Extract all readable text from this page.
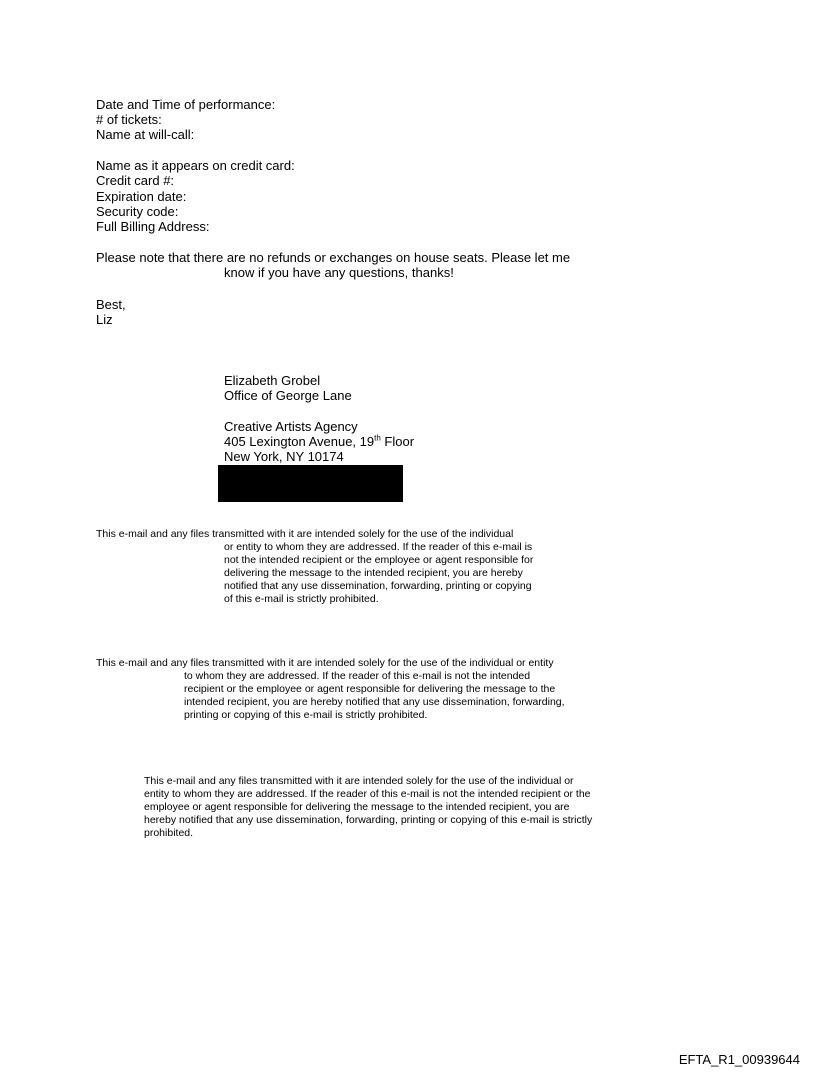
Date and Time of performance:
# of tickets:
Name at will-call:
Name as it appears on credit card:
Credit card #:
Expiration date:
Security code:
Full Billing Address:
Please note that there are no refunds or exchanges on house seats. Please let me
know if you have any questions, thanks!
Best,
Liz
Elizabeth Grobel
Office of George Lane
Creative Artists Agency
405 Lexington Avenue, 19th Floor
New York, NY 10174
This e-mail and any files transmitted with it are intended solely for the use of the individual
or entity to whom they are addressed. If the reader of this e-mail is
not the intended recipient or the employee or agent responsible for
delivering the message to the intended recipient, you are hereby
notified that any use dissemination, forwarding, printing or copying
of this e-mail is strictly prohibited.
This e-mail and any files transmitted with it are intended solely for the use of the individual or entity
to whom they are addressed. If the reader of this e-mail is not the intended
recipient or the employee or agent responsible for delivering the message to the
intended recipient, you are hereby notified that any use dissemination, forwarding,
printing or copying of this e-mail is strictly prohibited.
This e-mail and any files transmitted with it are intended solely for the use of the individual or
entity to whom they are addressed. If the reader of this e-mail is not the intended recipient or the
employee or agent responsible for delivering the message to the intended recipient, you are
hereby notified that any use dissemination, forwarding, printing or copying of this e-mail is strictly
prohibited.
EFTA_R1_00939644
